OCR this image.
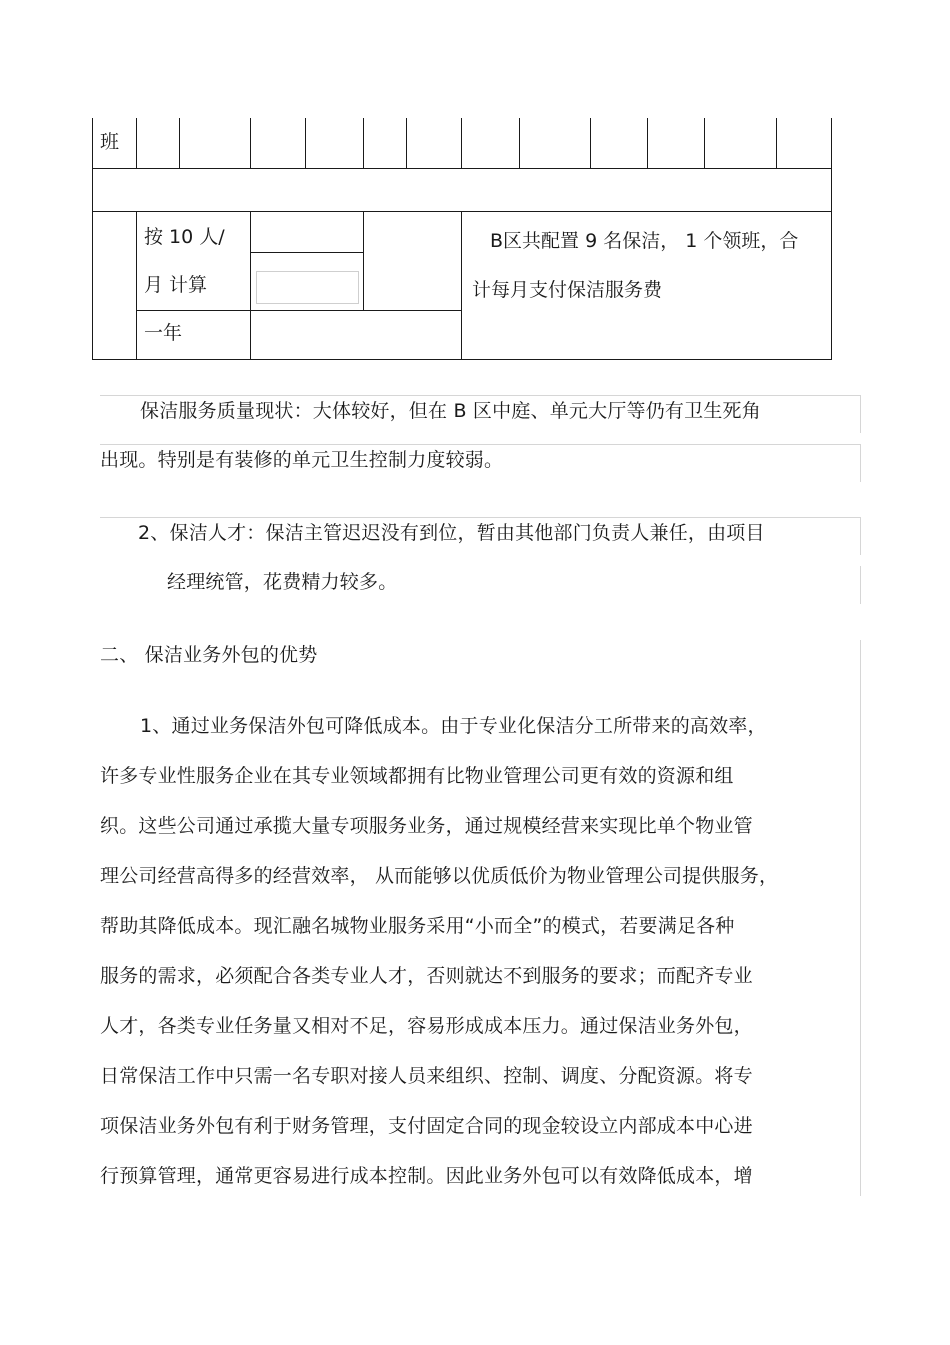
班
按 10 人/
月 计算
一年
B区共配置 9 名保洁， 1 个领班，合
计每月支付保洁服务费
保洁服务质量现状：大体较好，但在 B 区中庭、单元大厅等仍有卫生死角
出现。特别是有装修的单元卫生控制力度较弱。
2、保洁人才：保洁主管迟迟没有到位，暂由其他部门负责人兼任，由项目
经理统管，花费精力较多。
二、 保洁业务外包的优势
1、通过业务保洁外包可降低成本。由于专业化保洁分工所带来的高效率，
许多专业性服务企业在其专业领域都拥有比物业管理公司更有效的资源和组
织。这些公司通过承揽大量专项服务业务，通过规模经营来实现比单个物业管
理公司经营高得多的经营效率， 从而能够以优质低价为物业管理公司提供服务，
帮助其降低成本。现汇融名城物业服务采用“小而全”的模式，若要满足各种
服务的需求，必须配合各类专业人才，否则就达不到服务的要求；而配齐专业
人才，各类专业任务量又相对不足，容易形成成本压力。通过保洁业务外包，
日常保洁工作中只需一名专职对接人员来组织、控制、调度、分配资源。将专
项保洁业务外包有利于财务管理，支付固定合同的现金较设立内部成本中心进
行预算管理，通常更容易进行成本控制。因此业务外包可以有效降低成本，增
